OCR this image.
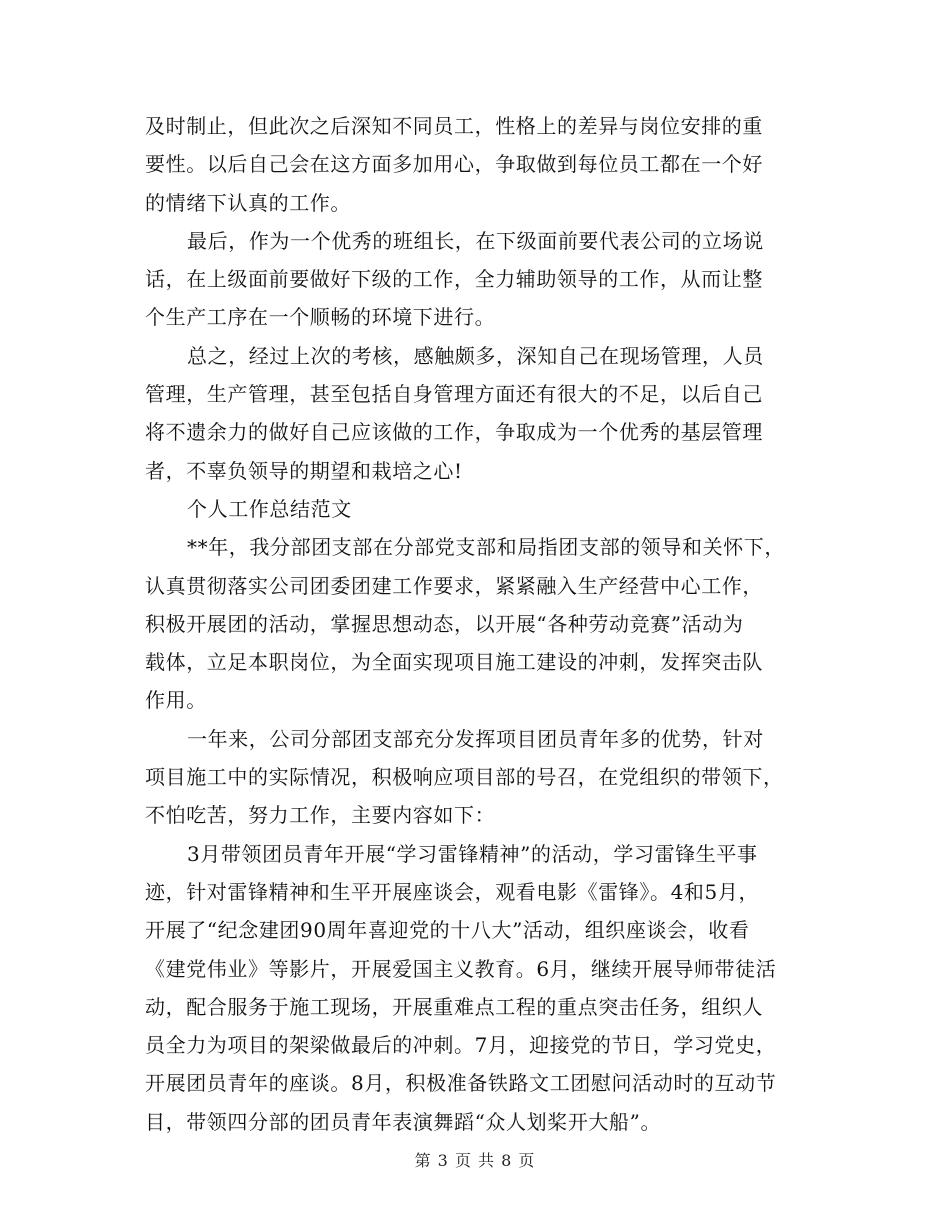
及时制止，但此次之后深知不同员工，性格上的差异与岗位安排的重
要性。以后自己会在这方面多加用心，争取做到每位员工都在一个好
的情绪下认真的工作。
最后，作为一个优秀的班组长，在下级面前要代表公司的立场说
话，在上级面前要做好下级的工作，全力辅助领导的工作，从而让整
个生产工序在一个顺畅的环境下进行。
总之，经过上次的考核，感触颇多，深知自己在现场管理，人员
管理，生产管理，甚至包括自身管理方面还有很大的不足，以后自己
将不遗余力的做好自己应该做的工作，争取成为一个优秀的基层管理
者，不辜负领导的期望和栽培之心!
个人工作总结范文
**年，我分部团支部在分部党支部和局指团支部的领导和关怀下，
认真贯彻落实公司团委团建工作要求，紧紧融入生产经营中心工作，
积极开展团的活动，掌握思想动态，以开展“各种劳动竞赛”活动为
载体，立足本职岗位，为全面实现项目施工建设的冲刺，发挥突击队
作用。
一年来，公司分部团支部充分发挥项目团员青年多的优势，针对
项目施工中的实际情况，积极响应项目部的号召，在党组织的带领下，
不怕吃苦，努力工作，主要内容如下：
3月带领团员青年开展“学习雷锋精神”的活动，学习雷锋生平事
迹，针对雷锋精神和生平开展座谈会，观看电影《雷锋》。4和5月，
开展了“纪念建团90周年喜迎党的十八大”活动，组织座谈会，收看
《建党伟业》等影片，开展爱国主义教育。6月，继续开展导师带徒活
动，配合服务于施工现场，开展重难点工程的重点突击任务，组织人
员全力为项目的架梁做最后的冲刺。7月，迎接党的节日，学习党史，
开展团员青年的座谈。8月，积极准备铁路文工团慰问活动时的互动节
目，带领四分部的团员青年表演舞蹈“众人划桨开大船”。
第 3 页 共 8 页
